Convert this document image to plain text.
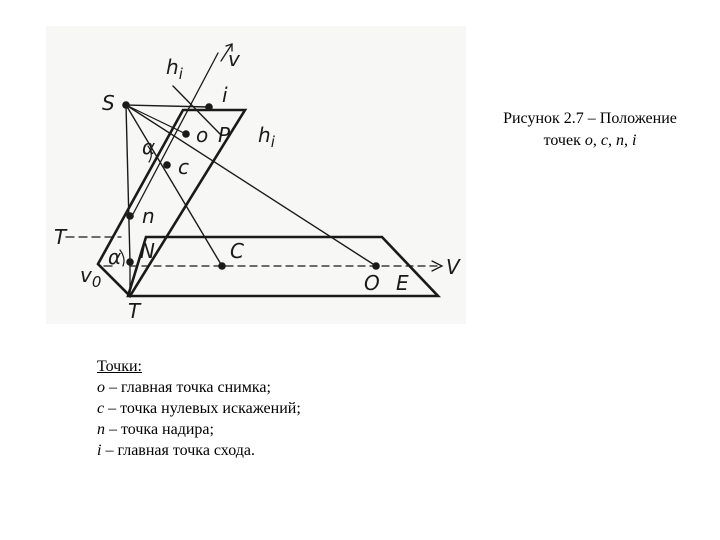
$h_i$
v
S	i
o P $h_i$
α
c
n
T
α N	C
$v_0$	O E
V
T
Рисунок 2.7 – Положение
точек o, c, n, i
Точки:
o – главная точка снимка;
c – точка нулевых искажений;
n – точка надира;
i – главная точка схода.
